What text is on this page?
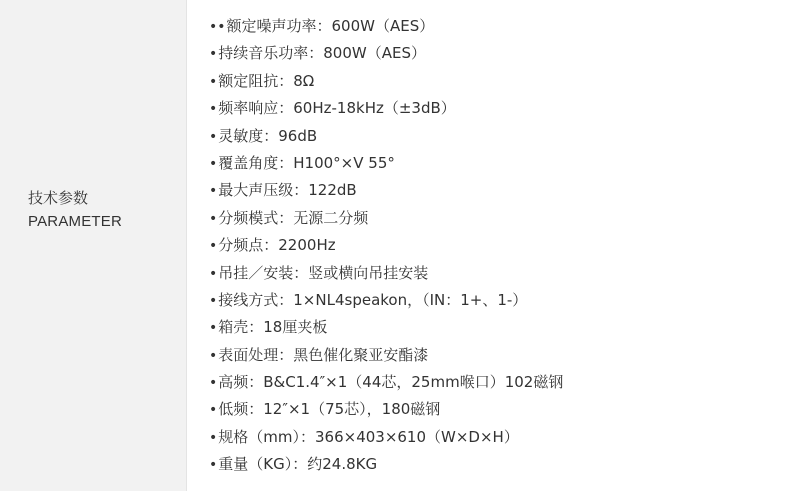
技术参数
PARAMETER
••额定噪声功率：600W（AES）
•持续音乐功率：800W（AES）
•额定阻抗：8Ω
•频率响应：60Hz-18kHz（±3dB）
•灵敏度：96dB
•覆盖角度：H100°×V 55°
•最大声压级：122dB
•分频模式：无源二分频
•分频点：2200Hz
•吊挂／安装：竖或横向吊挂安装
•接线方式：1×NL4speakon，（IN：1+、1-）
•箱壳：18厘夹板
•表面处理：黑色催化聚亚安酯漆
•高频：B&C1.4″×1（44芯，25mm喉口）102磁钢
•低频：12″×1（75芯），180磁钢
•规格（mm）：366×403×610（W×D×H）
•重量（KG）：约24.8KG
